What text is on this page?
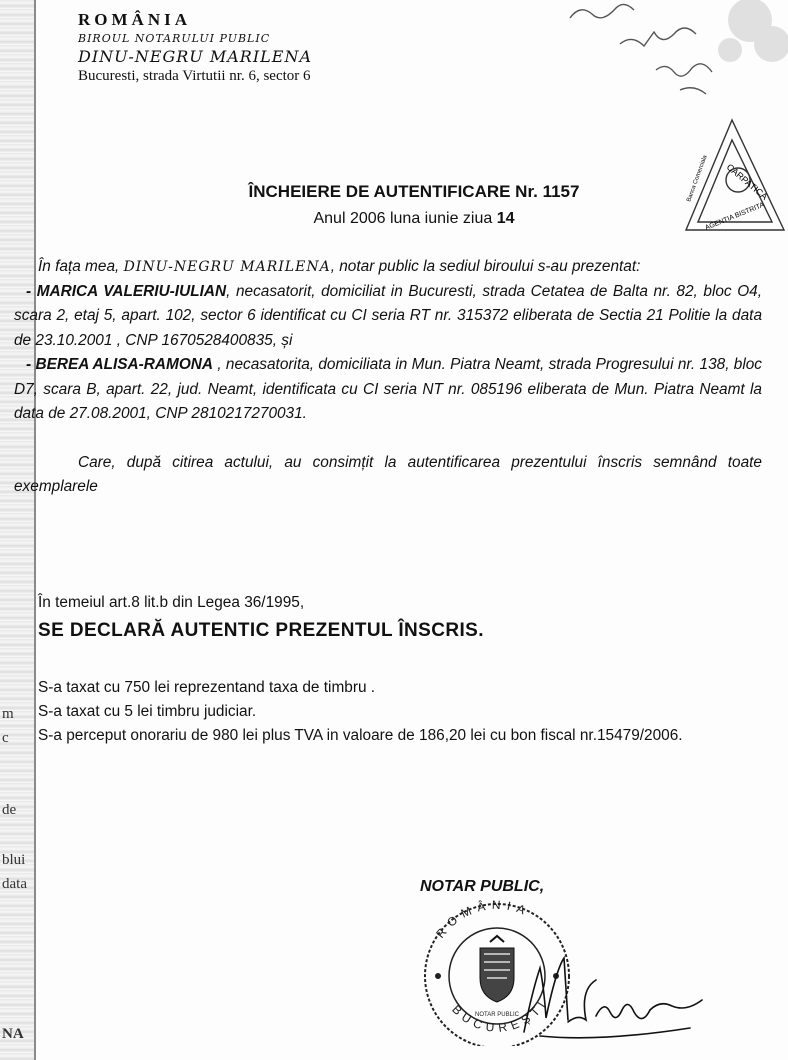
m
c
de
blui
data
NA

ROMÂNIA

BIROUL NOTARULUI PUBLIC

DINU-NEGRU MARILENA

Bucuresti, strada Virtutii nr. 6, sector 6

CARPATICA
Banca Comerciala
AGENTIA BISTRITA
ÎNCHEIERE DE AUTENTIFICARE Nr. 1157
Anul 2006 luna iunie ziua 14

În fața mea, DINU-NEGRU MARILENA, notar public la sediul biroului s-au prezentat:

- MARICA VALERIU-IULIAN, necasatorit, domiciliat in Bucuresti, strada Cetatea de Balta nr. 82, bloc O4, scara 2, etaj 5, apart. 102, sector 6 identificat cu CI seria RT nr. 315372 eliberata de Sectia 21 Politie la data de 23.10.2001 , CNP 1670528400835, și

- BEREA ALISA-RAMONA , necasatorita, domiciliata in Mun. Piatra Neamt, strada Progresului nr. 138, bloc D7, scara B, apart. 22, jud. Neamt, identificata cu CI seria NT nr. 085196 eliberata de Mun. Piatra Neamt la data de 27.08.2001, CNP 2810217270031.

Care, după citirea actului, au consimțit la autentificarea prezentului înscris semnând toate exemplarele

În temeiul art.8 lit.b din Legea 36/1995,
SE DECLARĂ AUTENTIC PREZENTUL ÎNSCRIS.

S-a taxat cu 750 lei reprezentand taxa de timbru .

S-a taxat cu 5 lei timbru judiciar.

S-a perceput onorariu de 980 lei plus TVA in valoare de 186,20 lei cu bon fiscal nr.15479/2006.

NOTAR PUBLIC,
ROMÂNIA
BUCUREȘTI
NOTAR PUBLIC
